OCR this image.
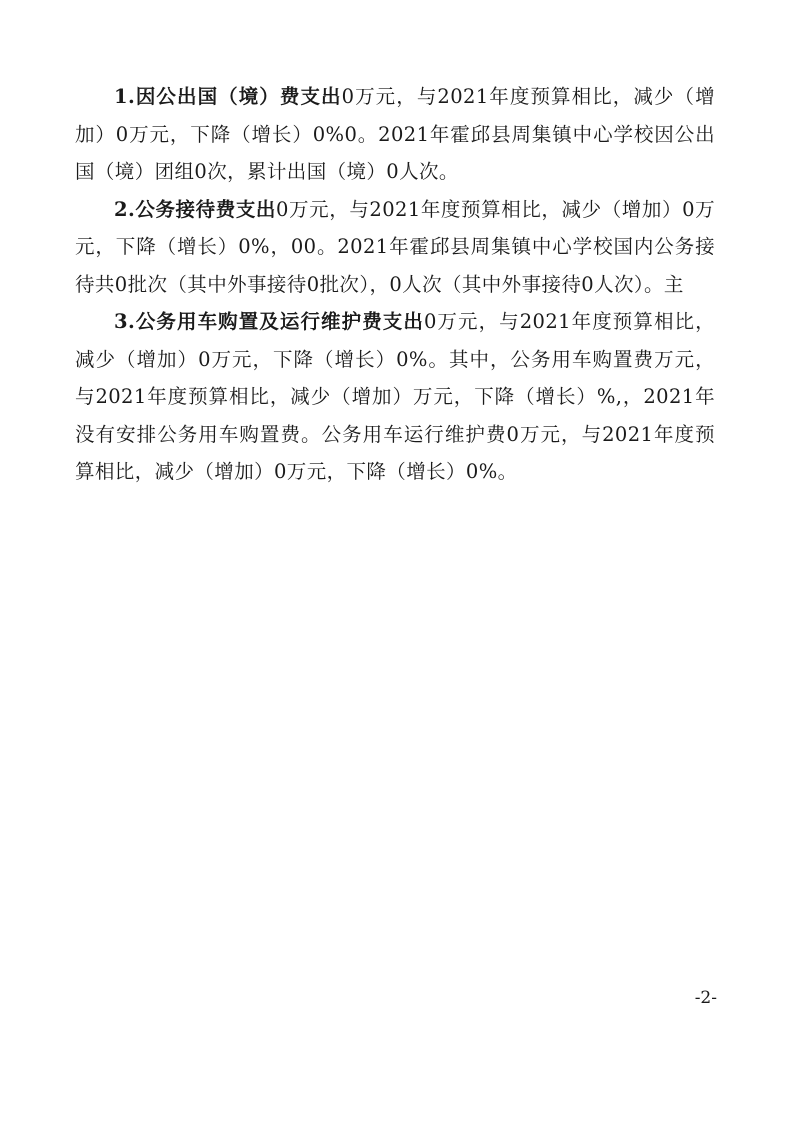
1.因公出国（境）费支出0万元，与2021年度预算相比，减少（增加）0万元，下降（增长）0%0。2021年霍邱县周集镇中心学校因公出国（境）团组0次，累计出国（境）0人次。

2.公务接待费支出0万元，与2021年度预算相比，减少（增加）0万元，下降（增长）0%，00。2021年霍邱县周集镇中心学校国内公务接待共0批次（其中外事接待0批次），0人次（其中外事接待0人次）。主

3.公务用车购置及运行维护费支出0万元，与2021年度预算相比，减少（增加）0万元，下降（增长）0%。其中，公务用车购置费万元，与2021年度预算相比，减少（增加）万元，下降（增长）%,，2021年没有安排公务用车购置费。公务用车运行维护费0万元，与2021年度预算相比，减少（增加）0万元，下降（增长）0%。

-2-
